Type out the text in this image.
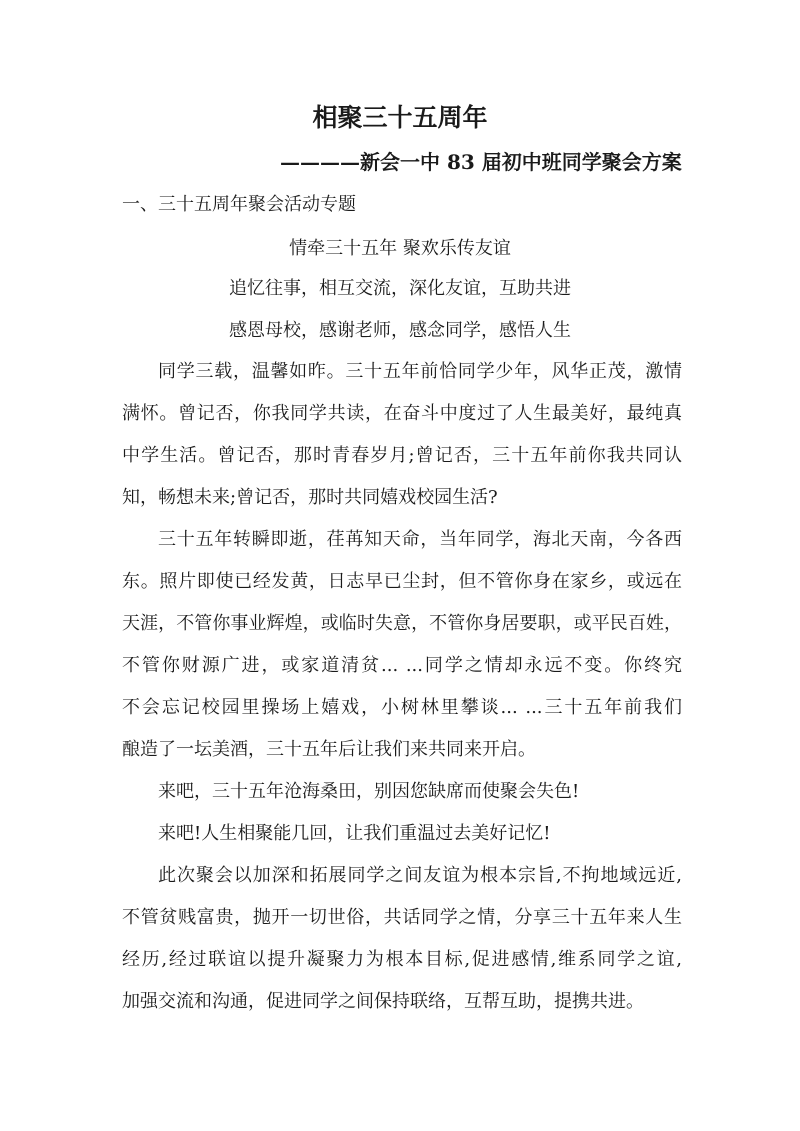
相聚三十五周年
————新会一中 83 届初中班同学聚会方案
一、三十五周年聚会活动专题
情牵三十五年 聚欢乐传友谊
追忆往事，相互交流，深化友谊，互助共进
感恩母校，感谢老师，感念同学，感悟人生
同学三载，温馨如昨。三十五年前恰同学少年，风华正茂，激情
满怀。曾记否，你我同学共读，在奋斗中度过了人生最美好，最纯真
中学生活。曾记否，那时青春岁月;曾记否，三十五年前你我共同认
知，畅想未来;曾记否，那时共同嬉戏校园生活?
三十五年转瞬即逝，荏苒知天命，当年同学，海北天南，今各西
东。照片即使已经发黄，日志早已尘封，但不管你身在家乡，或远在
天涯，不管你事业辉煌，或临时失意，不管你身居要职，或平民百姓，
不管你财源广进，或家道清贫... ...同学之情却永远不变。你终究
不会忘记校园里操场上嬉戏，小树林里攀谈... ...三十五年前我们
酿造了一坛美酒，三十五年后让我们来共同来开启。
来吧，三十五年沧海桑田，别因您缺席而使聚会失色!
来吧!人生相聚能几回，让我们重温过去美好记忆!
此次聚会以加深和拓展同学之间友谊为根本宗旨,不拘地域远近,
不管贫贱富贵，抛开一切世俗，共话同学之情，分享三十五年来人生
经历,经过联谊以提升凝聚力为根本目标,促进感情,维系同学之谊,
加强交流和沟通，促进同学之间保持联络，互帮互助，提携共进。
